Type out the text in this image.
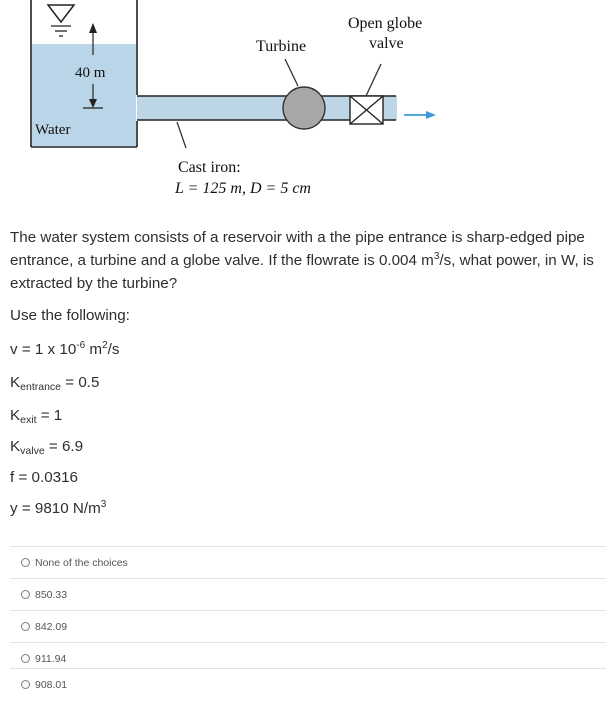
40 m
Water
Turbine
Open globe
valve
Cast iron:
L = 125 m, D = 5 cm
The water system consists of a reservoir with a the pipe entrance is sharp-edged pipe entrance, a turbine and a globe valve. If the flowrate is 0.004 $m^3/s$, what power, in W, is extracted by the turbine?
Use the following:
v = 1 x $10^{-6}$ $m^2/s$
$K_{entrance} = 0.5$
$K_{exit} = 1$
$K_{valve} = 6.9$
f = 0.0316
y = 9810 $N/m^3$
None of the choices
850.33
842.09
911.94
908.01
